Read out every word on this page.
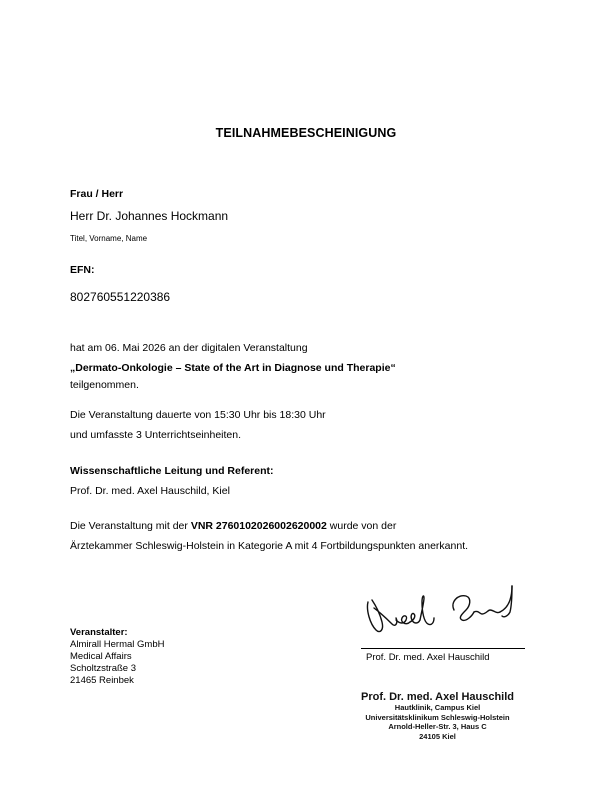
TEILNAHMEBESCHEINIGUNG
Frau / Herr
Herr Dr. Johannes Hockmann
Titel, Vorname, Name
EFN:
802760551220386
hat am 06. Mai 2026 an der digitalen Veranstaltung
„Dermato-Onkologie – State of the Art in Diagnose und Therapie“
teilgenommen.
Die Veranstaltung dauerte von 15:30 Uhr bis 18:30 Uhr
und umfasste 3 Unterrichtseinheiten.
Wissenschaftliche Leitung und Referent:
Prof. Dr. med. Axel Hauschild, Kiel
Die Veranstaltung mit der VNR 2760102026002620002 wurde von der
Ärztekammer Schleswig-Holstein in Kategorie A mit 4 Fortbildungspunkten anerkannt.
Veranstalter:
Almirall Hermal GmbH
Medical Affairs
Scholtzstraße 3
21465 Reinbek
Prof. Dr. med. Axel Hauschild
Prof. Dr. med. Axel Hauschild
Hautklinik, Campus Kiel
Universitätsklinikum Schleswig-Holstein
Arnold-Heller-Str. 3, Haus C
24105 Kiel
